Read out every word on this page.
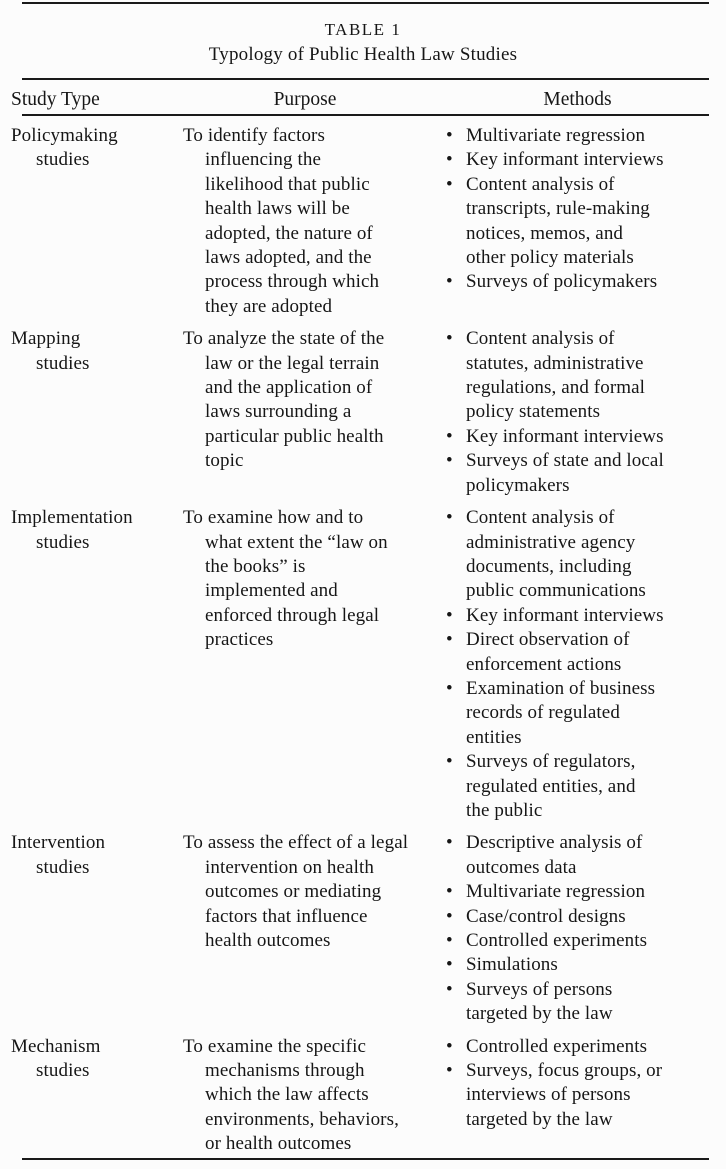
TABLE 1
Typology of Public Health Law Studies
Study Type	Purpose	Methods
Policymaking
studies
To identify factors
influencing the
likelihood that public
health laws will be
adopted, the nature of
laws adopted, and the
process through which
they are adopted
• Multivariate regression
• Key informant interviews
• Content analysis of
transcripts, rule-making
notices, memos, and
other policy materials
• Surveys of policymakers
Mapping
studies
To analyze the state of the
law or the legal terrain
and the application of
laws surrounding a
particular public health
topic
• Content analysis of
statutes, administrative
regulations, and formal
policy statements
• Key informant interviews
• Surveys of state and local
policymakers
Implementation
studies
To examine how and to
what extent the “law on
the books” is
implemented and
enforced through legal
practices
• Content analysis of
administrative agency
documents, including
public communications
• Key informant interviews
• Direct observation of
enforcement actions
• Examination of business
records of regulated
entities
• Surveys of regulators,
regulated entities, and
the public
Intervention
studies
To assess the effect of a legal
intervention on health
outcomes or mediating
factors that influence
health outcomes
• Descriptive analysis of
outcomes data
• Multivariate regression
• Case/control designs
• Controlled experiments
• Simulations
• Surveys of persons
targeted by the law
Mechanism
studies
To examine the specific
mechanisms through
which the law affects
environments, behaviors,
or health outcomes
• Controlled experiments
• Surveys, focus groups, or
interviews of persons
targeted by the law
